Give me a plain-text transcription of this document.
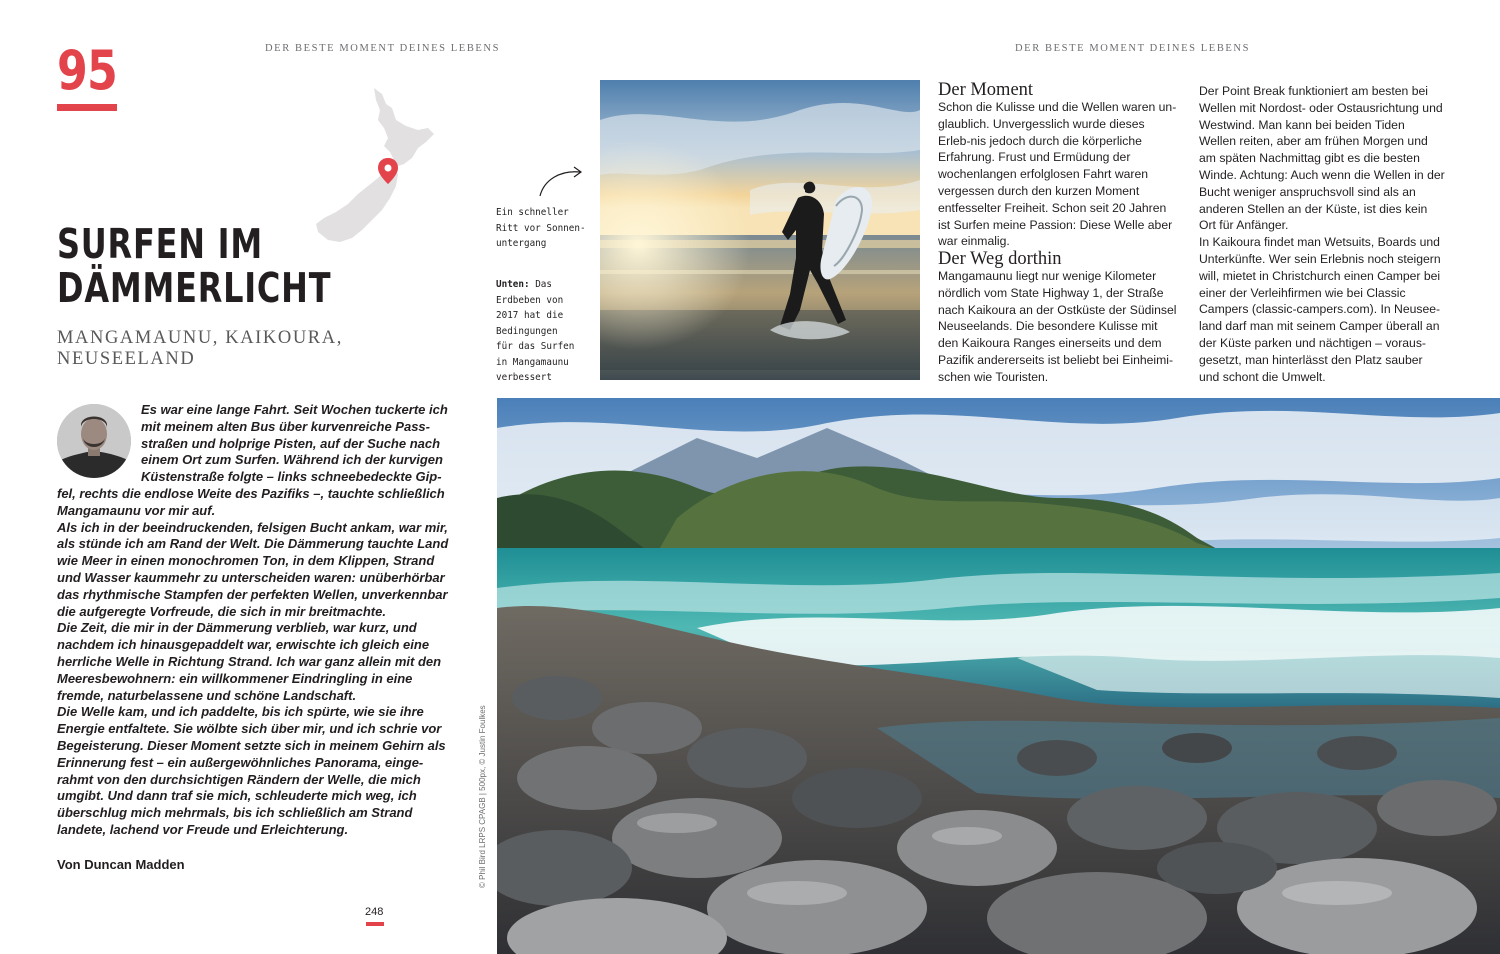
DER BESTE MOMENT DEINES LEBENS	DER BESTE MOMENT DEINES LEBENS
95
SURFEN IM
DÄMMERLICHT
MANGAMAUNU, KAIKOURA,
NEUSEELAND

Es war eine lange Fahrt. Seit Wochen tuckerte ich mit meinem alten Bus über kurvenreiche Pass-straßen und holprige Pisten, auf der Suche nach einem Ort zum Surfen. Während ich der kurvigen Küstenstraße folgte – links schneebedeckte Gip-fel, rechts die endlose Weite des Pazifiks –, tauchte schließlich Mangamaunu vor mir auf.

Als ich in der beeindruckenden, felsigen Bucht ankam, war mir, als stünde ich am Rand der Welt. Die Dämmerung tauchte Land wie Meer in einen monochromen Ton, in dem Klippen, Strand und Wasser kaummehr zu unterscheiden waren: unüberhörbar das rhythmische Stampfen der perfekten Wellen, unverkennbar die aufgeregte Vorfreude, die sich in mir breitmachte.

Die Zeit, die mir in der Dämmerung verblieb, war kurz, und nachdem ich hinausgepaddelt war, erwischte ich gleich eine herrliche Welle in Richtung Strand. Ich war ganz allein mit den Meeresbewohnern: ein willkommener Eindringling in eine fremde, naturbelassene und schöne Landschaft.

Die Welle kam, und ich paddelte, bis ich spürte, wie sie ihre Energie entfaltete. Sie wölbte sich über mir, und ich schrie vor Begeisterung. Dieser Moment setzte sich in meinem Gehirn als Erinnerung fest – ein außergewöhnliches Panorama, einge-rahmt von den durchsichtigen Rändern der Welle, die mich umgibt. Und dann traf sie mich, schleuderte mich weg, ich überschlug mich mehrmals, bis ich schließlich am Strand landete, lachend vor Freude und Erleichterung.

Von Duncan Madden
248
© Phil Bird LRPS CPAGB | 500px, © Justin Foulkes
Ein schneller
Ritt vor Sonnen-
untergang
Unten: Das
Erdbeben von
2017 hat die
Bedingungen
für das Surfen
in Mangamaunu
verbessert
Der Moment
Schon die Kulisse und die Wellen waren un-glaublich. Unvergesslich wurde dieses Erleb-nis jedoch durch die körperliche Erfahrung. Frust und Ermüdung der wochenlangen erfolglosen Fahrt waren vergessen durch den kurzen Moment entfesselter Freiheit. Schon seit 20 Jahren ist Surfen meine Passion: Diese Welle aber war einmalig.
Der Weg dorthin
Mangamaunu liegt nur wenige Kilometer nördlich vom State Highway 1, der Straße nach Kaikoura an der Ostküste der Südinsel Neuseelands. Die besondere Kulisse mit den Kaikoura Ranges einerseits und dem Pazifik andererseits ist beliebt bei Einheimi-schen wie Touristen.

Der Point Break funktioniert am besten bei Wellen mit Nordost- oder Ostausrichtung und Westwind. Man kann bei beiden Tiden Wellen reiten, aber am frühen Morgen und am späten Nachmittag gibt es die besten Winde. Achtung: Auch wenn die Wellen in der Bucht weniger anspruchsvoll sind als an anderen Stellen an der Küste, ist dies kein Ort für Anfänger.

In Kaikoura findet man Wetsuits, Boards und Unterkünfte. Wer sein Erlebnis noch steigern will, mietet in Christchurch einen Camper bei einer der Verleihfirmen wie bei Classic Campers (classic-campers.com). In Neusee-land darf man mit seinem Camper überall an der Küste parken und nächtigen – voraus-gesetzt, man hinterlässt den Platz sauber und schont die Umwelt.
